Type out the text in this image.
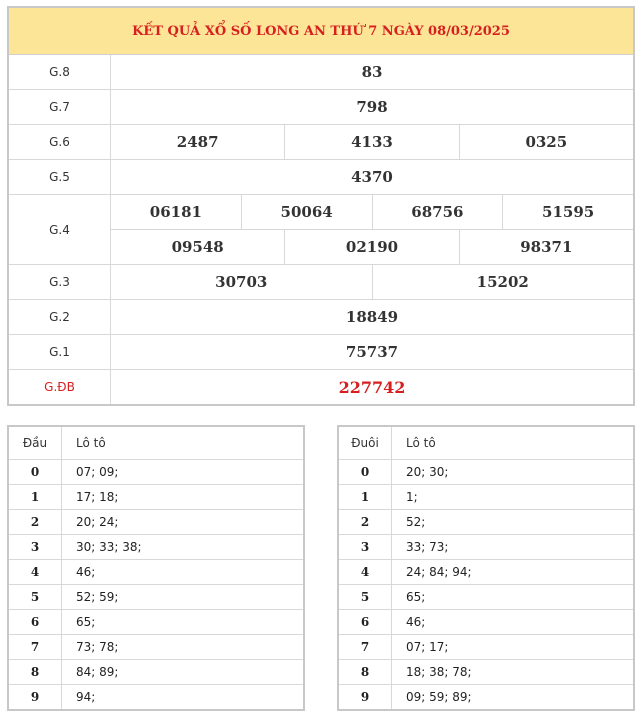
KẾT QUẢ XỔ SỐ LONG AN THỨ 7 NGÀY 08/03/2025
G.8	83
G.7	798
G.6	2487	4133	0325
G.5	4370
G.4
06181	50064	68756	51595
09548	02190	98371
G.3	30703	15202
G.2	18849
G.1	75737
G.ĐB	227742
Đầu	Lô tô
0	07; 09;
1	17; 18;
2	20; 24;
3	30; 33; 38;
4	46;
5	52; 59;
6	65;
7	73; 78;
8	84; 89;
9	94;
Đuôi	Lô tô
0	20; 30;
1	1;
2	52;
3	33; 73;
4	24; 84; 94;
5	65;
6	46;
7	07; 17;
8	18; 38; 78;
9	09; 59; 89;
